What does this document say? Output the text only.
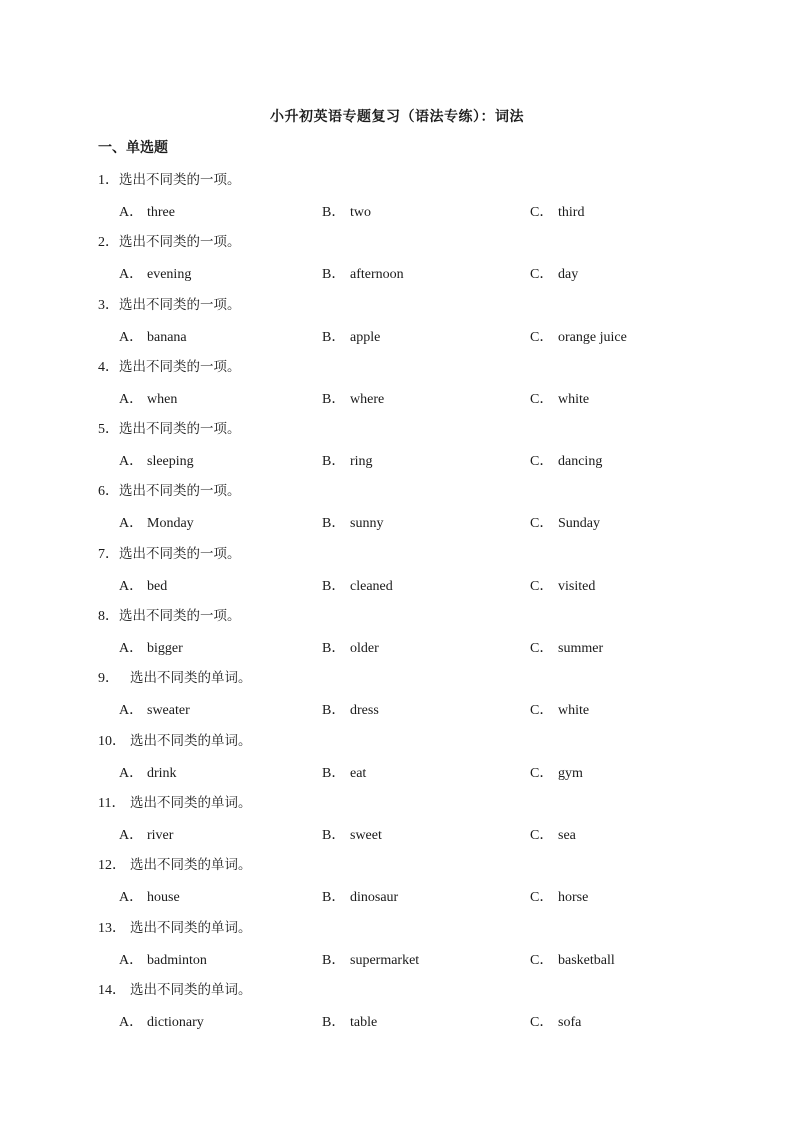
小升初英语专题复习（语法专练）：词法
一、单选题
1．选出不同类的一项。
A． three	B． two	C． third
2．选出不同类的一项。
A． evening	B． afternoon	C． day
3．选出不同类的一项。
A． banana	B． apple	C． orange juice
4．选出不同类的一项。
A． when	B． where	C． white
5．选出不同类的一项。
A． sleeping	B． ring	C． dancing
6．选出不同类的一项。
A． Monday	B． sunny	C． Sunday
7．选出不同类的一项。
A． bed	B． cleaned	C． visited
8．选出不同类的一项。
A． bigger	B． older	C． summer
9． 选出不同类的单词。
A． sweater	B． dress	C． white
10． 选出不同类的单词。
A． drink	B． eat	C． gym
11． 选出不同类的单词。
A． river	B． sweet	C． sea
12． 选出不同类的单词。
A． house	B． dinosaur	C． horse
13． 选出不同类的单词。
A． badminton	B． supermarket	C． basketball
14． 选出不同类的单词。
A． dictionary	B． table	C． sofa
